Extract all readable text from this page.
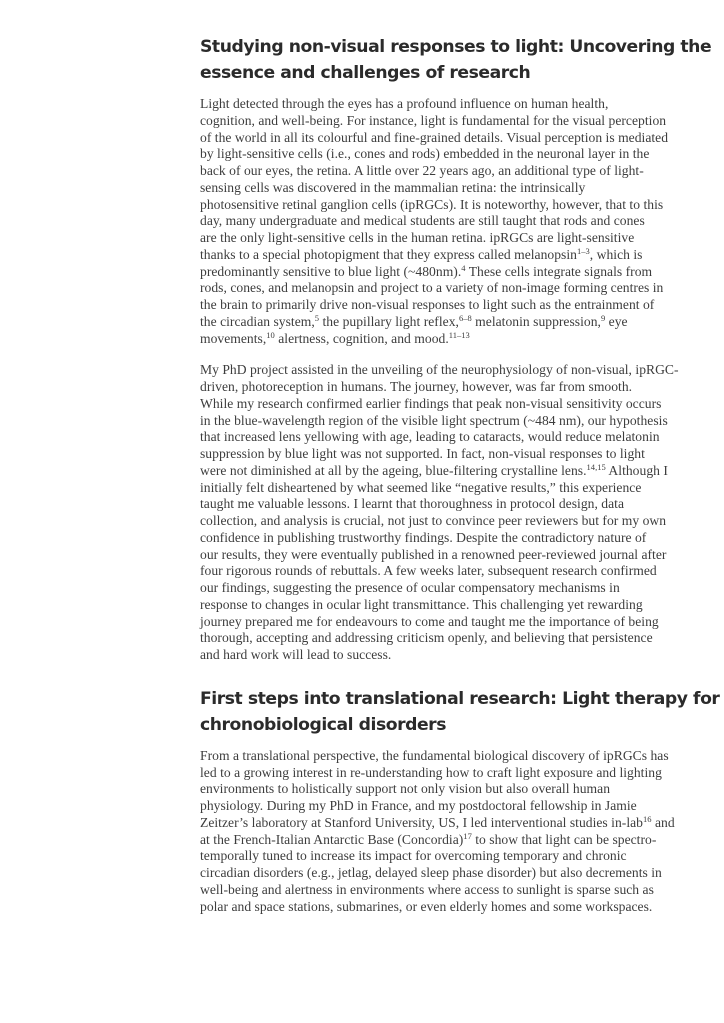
Studying non-visual responses to light: Uncovering the
essence and challenges of research

Light detected through the eyes has a profound influence on human health,
cognition, and well-being. For instance, light is fundamental for the visual perception
of the world in all its colourful and fine-grained details. Visual perception is mediated
by light-sensitive cells (i.e., cones and rods) embedded in the neuronal layer in the
back of our eyes, the retina. A little over 22 years ago, an additional type of light-
sensing cells was discovered in the mammalian retina: the intrinsically
photosensitive retinal ganglion cells (ipRGCs). It is noteworthy, however, that to this
day, many undergraduate and medical students are still taught that rods and cones
are the only light-sensitive cells in the human retina. ipRGCs are light-sensitive
thanks to a special photopigment that they express called melanopsin$^{1-3}$, which is
predominantly sensitive to blue light (~480nm).$^4$ These cells integrate signals from
rods, cones, and melanopsin and project to a variety of non-image forming centres in
the brain to primarily drive non-visual responses to light such as the entrainment of
the circadian system,$^5$ the pupillary light reflex,$^{6-8}$ melatonin suppression,$^9$ eye
movements,$^{10}$ alertness, cognition, and mood.$^{11-13}$

My PhD project assisted in the unveiling of the neurophysiology of non-visual, ipRGC-
driven, photoreception in humans. The journey, however, was far from smooth.
While my research confirmed earlier findings that peak non-visual sensitivity occurs
in the blue-wavelength region of the visible light spectrum (~484 nm), our hypothesis
that increased lens yellowing with age, leading to cataracts, would reduce melatonin
suppression by blue light was not supported. In fact, non-visual responses to light
were not diminished at all by the ageing, blue-filtering crystalline lens.$^{14,15}$ Although I
initially felt disheartened by what seemed like “negative results,” this experience
taught me valuable lessons. I learnt that thoroughness in protocol design, data
collection, and analysis is crucial, not just to convince peer reviewers but for my own
confidence in publishing trustworthy findings. Despite the contradictory nature of
our results, they were eventually published in a renowned peer-reviewed journal after
four rigorous rounds of rebuttals. A few weeks later, subsequent research confirmed
our findings, suggesting the presence of ocular compensatory mechanisms in
response to changes in ocular light transmittance. This challenging yet rewarding
journey prepared me for endeavours to come and taught me the importance of being
thorough, accepting and addressing criticism openly, and believing that persistence
and hard work will lead to success.

First steps into translational research: Light therapy for
chronobiological disorders

From a translational perspective, the fundamental biological discovery of ipRGCs has
led to a growing interest in re-understanding how to craft light exposure and lighting
environments to holistically support not only vision but also overall human
physiology. During my PhD in France, and my postdoctoral fellowship in Jamie
Zeitzer’s laboratory at Stanford University, US, I led interventional studies in-lab$^{16}$ and
at the French-Italian Antarctic Base (Concordia)$^{17}$ to show that light can be spectro-
temporally tuned to increase its impact for overcoming temporary and chronic
circadian disorders (e.g., jetlag, delayed sleep phase disorder) but also decrements in
well-being and alertness in environments where access to sunlight is sparse such as
polar and space stations, submarines, or even elderly homes and some workspaces.
